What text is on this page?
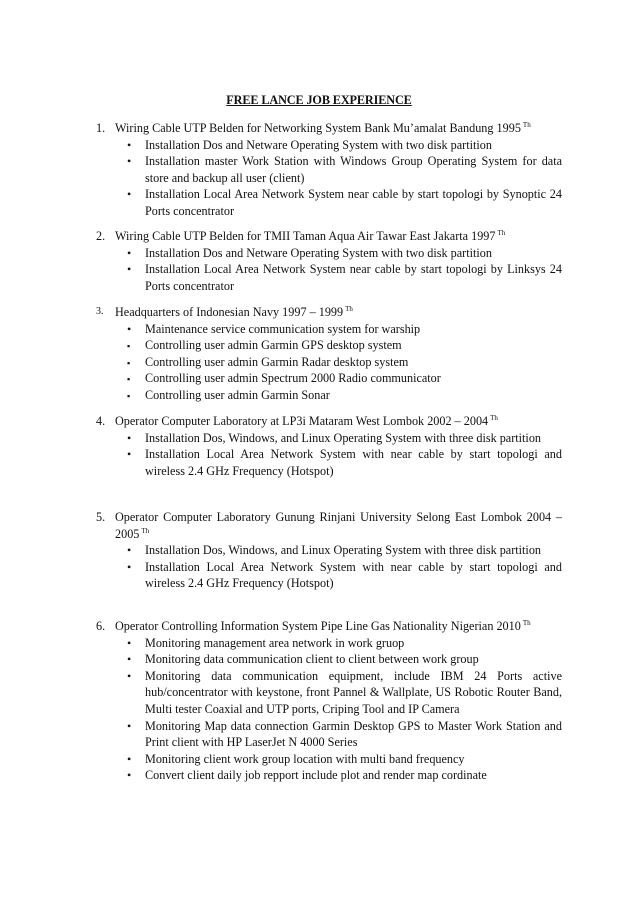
FREE LANCE JOB EXPERIENCE
1. Wiring Cable UTP Belden for Networking System Bank Mu’amalat Bandung 1995 $^{Th}$
• Installation Dos and Netware Operating System with two disk partition
• Installation master Work Station with Windows Group Operating System for data store and backup all user (client)
• Installation Local Area Network System near cable by start topologi by Synoptic 24 Ports concentrator
2. Wiring Cable UTP Belden for TMII Taman Aqua Air Tawar East Jakarta 1997 $^{Th}$
• Installation Dos and Netware Operating System with two disk partition
• Installation Local Area Network System near cable by start topologi by Linksys 24 Ports concentrator
3. Headquarters of Indonesian Navy 1997 – 1999 $^{Th}$
• Maintenance service communication system for warship
▪ Controlling user admin Garmin GPS desktop system
▪ Controlling user admin Garmin Radar desktop system
▪ Controlling user admin Spectrum 2000 Radio communicator
▪ Controlling user admin Garmin Sonar
4. Operator Computer Laboratory at LP3i Mataram West Lombok 2002 – 2004 $^{Th}$
• Installation Dos, Windows, and Linux Operating System with three disk partition
• Installation Local Area Network System with near cable by start topologi and wireless 2.4 GHz Frequency (Hotspot)
5. Operator Computer Laboratory Gunung Rinjani University Selong East Lombok 2004 – 2005 $^{Th}$
• Installation Dos, Windows, and Linux Operating System with three disk partition
• Installation Local Area Network System with near cable by start topologi and wireless 2.4 GHz Frequency (Hotspot)
6. Operator Controlling Information System Pipe Line Gas Nationality Nigerian 2010 $^{Th}$
• Monitoring management area network in work gruop
• Monitoring data communication client to client between work group
• Monitoring data communication equipment, include IBM 24 Ports active hub/concentrator with keystone, front Pannel & Wallplate, US Robotic Router Band, Multi tester Coaxial and UTP ports, Criping Tool and IP Camera
• Monitoring Map data connection Garmin Desktop GPS to Master Work Station and Print client with HP LaserJet N 4000 Series
• Monitoring client work group location with multi band frequency
• Convert client daily job repport include plot and render map cordinate
